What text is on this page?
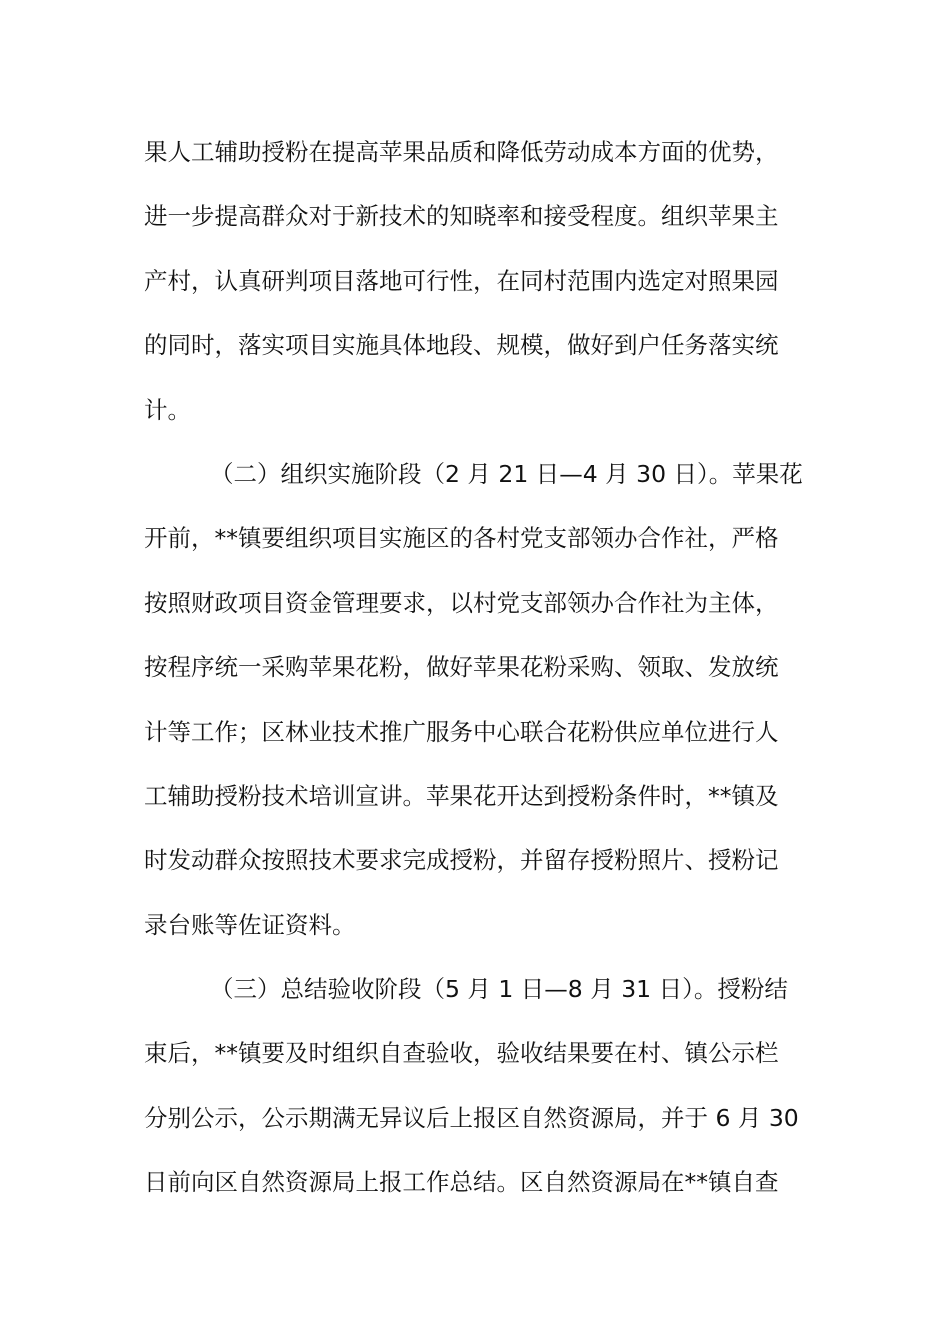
果人工辅助授粉在提高苹果品质和降低劳动成本方面的优势，
进一步提高群众对于新技术的知晓率和接受程度。组织苹果主
产村，认真研判项目落地可行性，在同村范围内选定对照果园
的同时，落实项目实施具体地段、规模，做好到户任务落实统
计。
（二）组织实施阶段（2 月 21 日—4 月 30 日）。苹果花
开前，**镇要组织项目实施区的各村党支部领办合作社，严格
按照财政项目资金管理要求，以村党支部领办合作社为主体，
按程序统一采购苹果花粉，做好苹果花粉采购、领取、发放统
计等工作；区林业技术推广服务中心联合花粉供应单位进行人
工辅助授粉技术培训宣讲。苹果花开达到授粉条件时，**镇及
时发动群众按照技术要求完成授粉，并留存授粉照片、授粉记
录台账等佐证资料。
（三）总结验收阶段（5 月 1 日—8 月 31 日）。授粉结
束后，**镇要及时组织自查验收，验收结果要在村、镇公示栏
分别公示，公示期满无异议后上报区自然资源局，并于 6 月 30
日前向区自然资源局上报工作总结。区自然资源局在**镇自查
